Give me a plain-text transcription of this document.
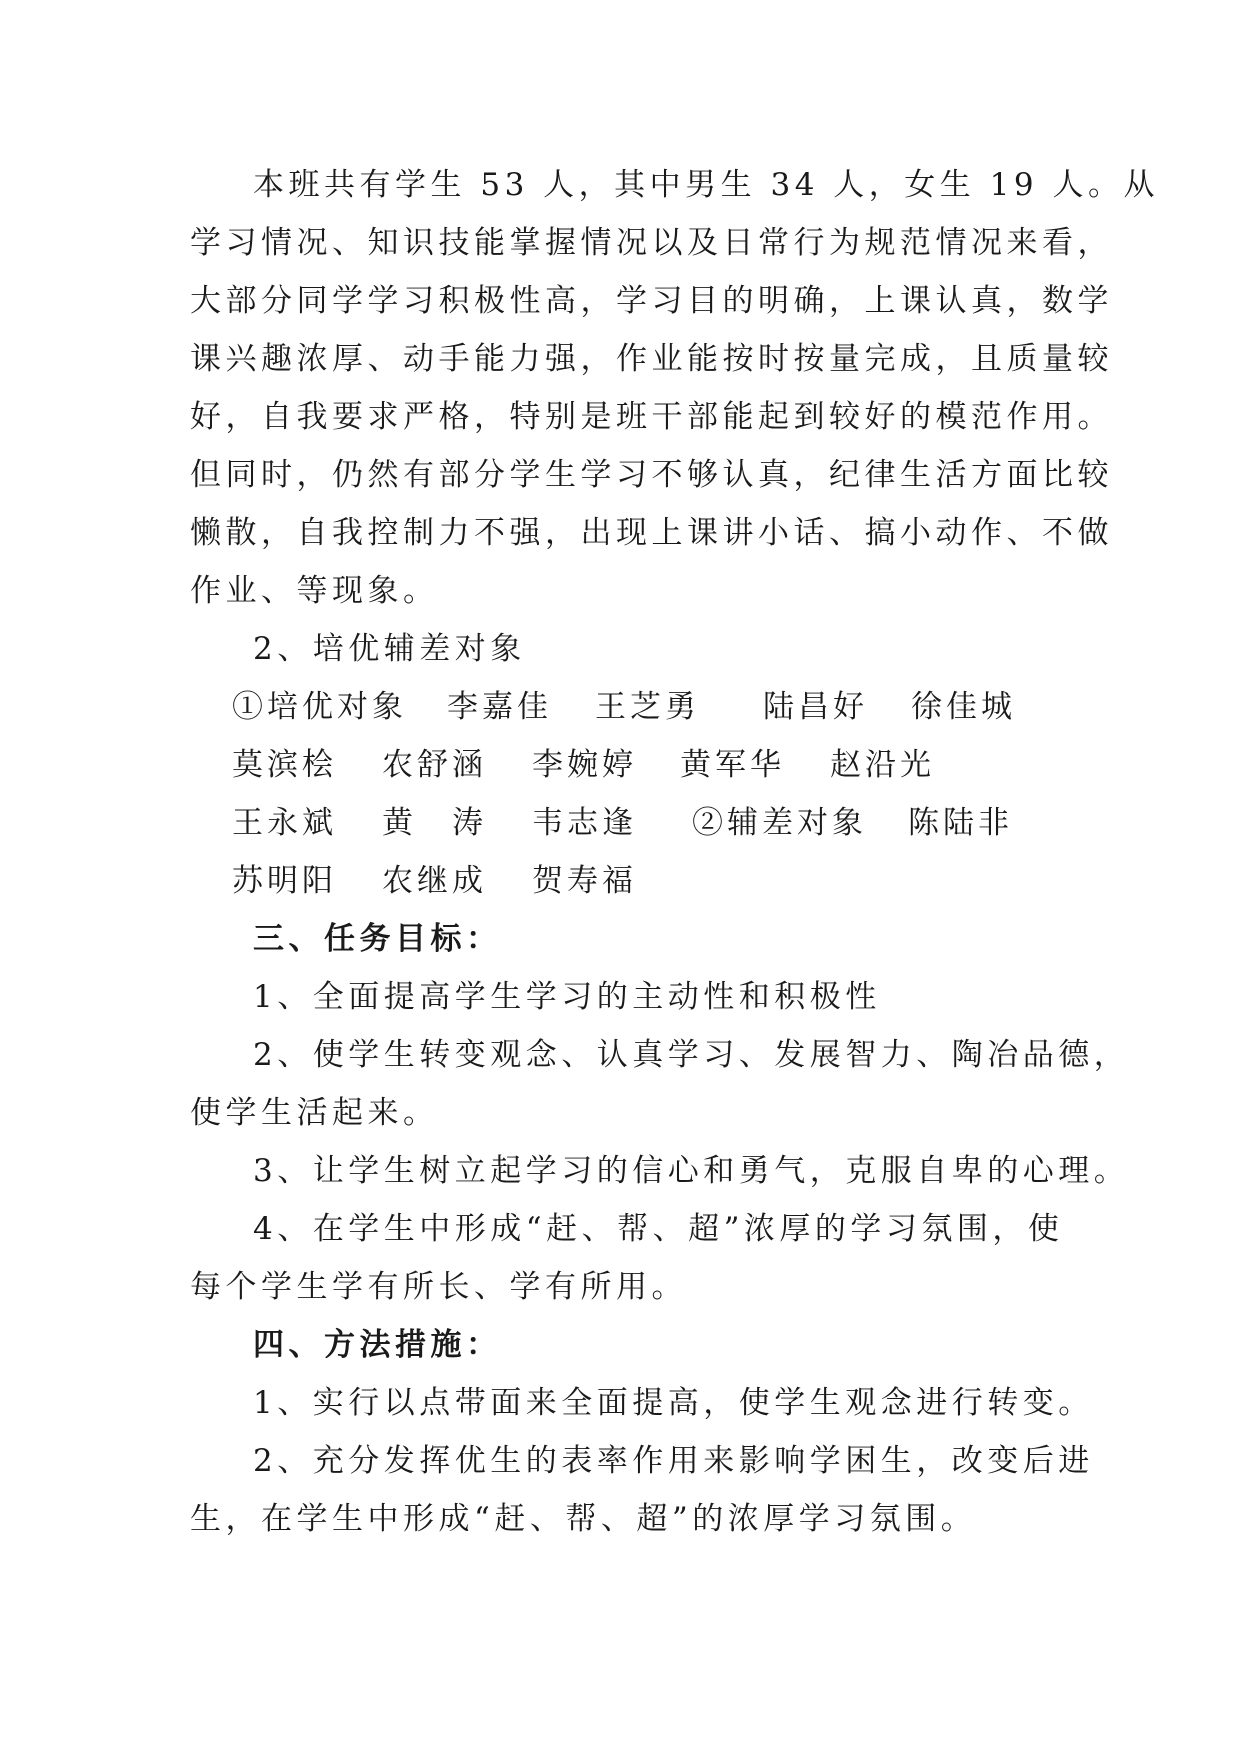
本班共有学生 53 人，其中男生 34 人，女生 19 人。从
学习情况、知识技能掌握情况以及日常行为规范情况来看，
大部分同学学习积极性高，学习目的明确，上课认真，数学
课兴趣浓厚、动手能力强，作业能按时按量完成，且质量较
好，自我要求严格，特别是班干部能起到较好的模范作用。
但同时，仍然有部分学生学习不够认真，纪律生活方面比较
懒散，自我控制力不强，出现上课讲小话、搞小动作、不做
作业、等现象。
2、培优辅差对象
①培优对象 李嘉佳 王芝勇 陆昌好 徐佳城
莫滨桧 农舒涵 李婉婷 黄军华 赵沿光
王永斌 黄　涛 韦志逢 ②辅差对象 陈陆非
苏明阳 农继成 贺寿福
三、任务目标：
1、全面提高学生学习的主动性和积极性
2、使学生转变观念、认真学习、发展智力、陶冶品德，
使学生活起来。
3、让学生树立起学习的信心和勇气，克服自卑的心理。
4、在学生中形成“赶、帮、超”浓厚的学习氛围，使
每个学生学有所长、学有所用。
四、方法措施：
1、实行以点带面来全面提高，使学生观念进行转变。
2、充分发挥优生的表率作用来影响学困生，改变后进
生，在学生中形成“赶、帮、超”的浓厚学习氛围。
